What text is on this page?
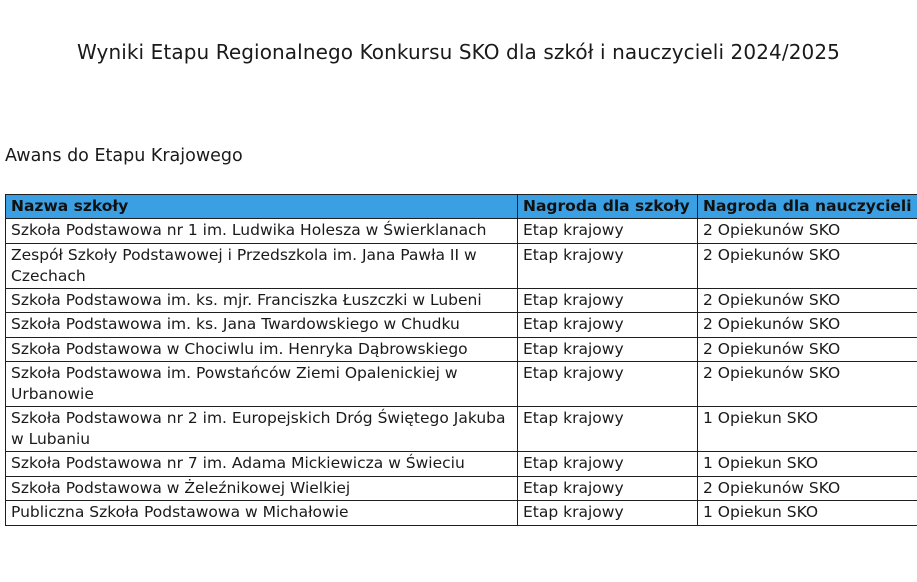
Wyniki Etapu Regionalnego Konkursu SKO dla szkół i nauczycieli 2024/2025
Awans do Etapu Krajowego
Nazwa szkoły	Nagroda dla szkoły	Nagroda dla nauczycieli
Szkoła Podstawowa nr 1 im. Ludwika Holesza w Świerklanach	Etap krajowy	2 Opiekunów SKO
Zespół Szkoły Podstawowej i Przedszkola im. Jana Pawła II w Czechach	Etap krajowy	2 Opiekunów SKO
Szkoła Podstawowa im. ks. mjr. Franciszka Łuszczki w Lubeni	Etap krajowy	2 Opiekunów SKO
Szkoła Podstawowa im. ks. Jana Twardowskiego w Chudku	Etap krajowy	2 Opiekunów SKO
Szkoła Podstawowa w Chociwlu im. Henryka Dąbrowskiego	Etap krajowy	2 Opiekunów SKO
Szkoła Podstawowa im. Powstańców Ziemi Opalenickiej w Urbanowie	Etap krajowy	2 Opiekunów SKO
Szkoła Podstawowa nr 2 im. Europejskich Dróg Świętego Jakuba w Lubaniu	Etap krajowy	1 Opiekun SKO
Szkoła Podstawowa nr 7 im. Adama Mickiewicza w Świeciu	Etap krajowy	1 Opiekun SKO
Szkoła Podstawowa w Żeleźnikowej Wielkiej	Etap krajowy	2 Opiekunów SKO
Publiczna Szkoła Podstawowa w Michałowie	Etap krajowy	1 Opiekun SKO
